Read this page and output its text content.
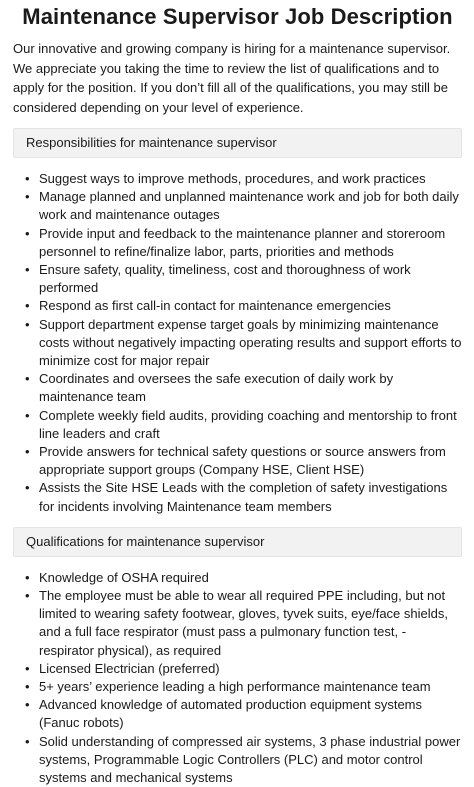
Maintenance Supervisor Job Description

Our innovative and growing company is hiring for a maintenance supervisor. We appreciate you taking the time to review the list of qualifications and to apply for the position. If you don’t fill all of the qualifications, you may still be considered depending on your level of experience.

Responsibilities for maintenance supervisor
• Suggest ways to improve methods, procedures, and work practices
• Manage planned and unplanned maintenance work and job for both daily work and maintenance outages
• Provide input and feedback to the maintenance planner and storeroom personnel to refine/finalize labor, parts, priorities and methods
• Ensure safety, quality, timeliness, cost and thoroughness of work performed
• Respond as first call-in contact for maintenance emergencies
• Support department expense target goals by minimizing maintenance costs without negatively impacting operating results and support efforts to minimize cost for major repair
• Coordinates and oversees the safe execution of daily work by maintenance team
• Complete weekly field audits, providing coaching and mentorship to front line leaders and craft
• Provide answers for technical safety questions or source answers from appropriate support groups (Company HSE, Client HSE)
• Assists the Site HSE Leads with the completion of safety investigations for incidents involving Maintenance team members
Qualifications for maintenance supervisor
• Knowledge of OSHA required
• The employee must be able to wear all required PPE including, but not limited to wearing safety footwear, gloves, tyvek suits, eye/face shields, and a full face respirator (must pass a pulmonary function test, - respirator physical), as required
• Licensed Electrician (preferred)
• 5+ years’ experience leading a high performance maintenance team
• Advanced knowledge of automated production equipment systems (Fanuc robots)
• Solid understanding of compressed air systems, 3 phase industrial power systems, Programmable Logic Controllers (PLC) and motor control systems and mechanical systems
